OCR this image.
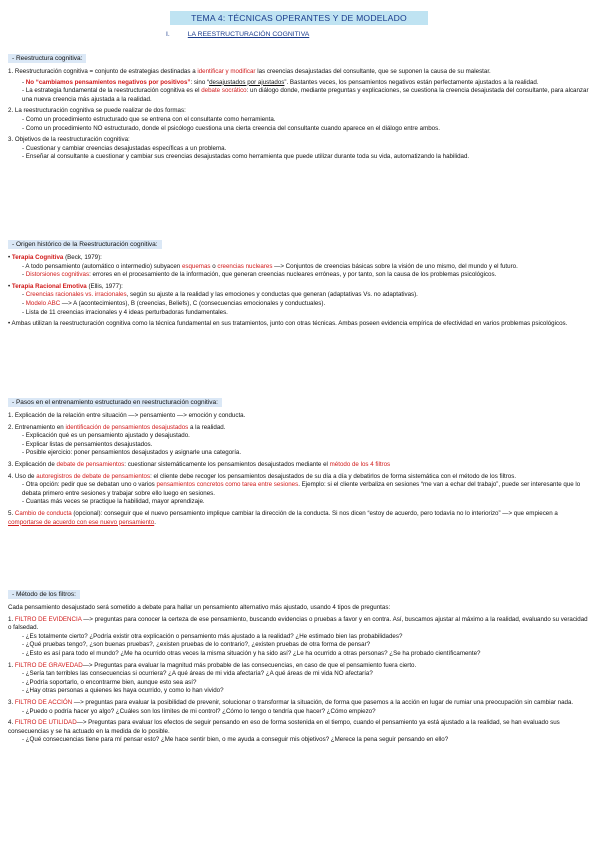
TEMA 4: TÉCNICAS OPERANTES Y DE MODELADO
I.	LA REESTRUCTURACIÓN COGNITIVA
- Reestructura cognitiva:

1. Reestructuración cognitiva = conjunto de estrategias destinadas a identificar y modificar las creencias desajustadas del consultante, que se suponen la causa de su malestar.

- No “cambiamos pensamientos negativos por positivos”: sino “desajustados por ajustados”. Bastantes veces, los pensamientos negativos están perfectamente ajustados a la realidad.

- La estrategia fundamental de la reestructuración cognitiva es el debate socrático: un diálogo donde, mediante preguntas y explicaciones, se cuestiona la creencia desajustada del consultante, para alcanzar una nueva creencia más ajustada a la realidad.

2. La reestructuración cognitiva se puede realizar de dos formas:

- Como un procedimiento estructurado que se entrena con el consultante como herramienta.

- Como un procedimiento NO estructurado, donde el psicólogo cuestiona una cierta creencia del consultante cuando aparece en el diálogo entre ambos.

3. Objetivos de la reestructuración cognitiva:

- Cuestionar y cambiar creencias desajustadas específicas a un problema.

- Enseñar al consultante a cuestionar y cambiar sus creencias desajustadas como herramienta que puede utilizar durante toda su vida, automatizando la habilidad.

- Origen histórico de la Reestructuración cognitiva:

• Terapia Cognitiva (Beck, 1979):

- A todo pensamiento (automático o intermedio) subyacen esquemas o creencias nucleares —> Conjuntos de creencias básicas sobre la visión de uno mismo, del mundo y el futuro.

- Distorsiones cognitivas: errores en el procesamiento de la información, que generan creencias nucleares erróneas, y por tanto, son la causa de los problemas psicológicos.

• Terapia Racional Emotiva (Ellis, 1977):

- Creencias racionales vs. irracionales, según su ajuste a la realidad y las emociones y conductas que generan (adaptativas Vs. no adaptativas).

- Modelo ABC —> A (acontecimientos), B (creencias, Beliefs), C (consecuencias emocionales y conductuales).

- Lista de 11 creencias irracionales y 4 ideas perturbadoras fundamentales.

• Ambas utilizan la reestructuración cognitiva como la técnica fundamental en sus tratamientos, junto con otras técnicas. Ambas poseen evidencia empírica de efectividad en varios problemas psicológicos.

- Pasos en el entrenamiento estructurado en reestructuración cognitiva:

1. Explicación de la relación entre situación —> pensamiento —> emoción y conducta.

2. Entrenamiento en identificación de pensamientos desajustados a la realidad.

- Explicación qué es un pensamiento ajustado y desajustado.

- Explicar listas de pensamientos desajustados.

- Posible ejercicio: poner pensamientos desajustados y asignarle una categoría.

3. Explicación de debate de pensamientos: cuestionar sistemáticamente los pensamientos desajustados mediante el método de los 4 filtros

4. Uso de autoregistros de debate de pensamientos: el cliente debe recoger los pensamientos desajustados de su día a día y debatirlos de forma sistemática con el método de los filtros.

- Otra opción: pedir que se debatan uno o varios pensamientos concretos como tarea entre sesiones. Ejemplo: si el cliente verbaliza en sesiones “me van a echar del trabajo”, puede ser interesante que lo debata primero entre sesiones y trabajar sobre ello luego en sesiones.

- Cuantas más veces se practique la habilidad, mayor aprendizaje.

5. Cambio de conducta (opcional): conseguir que el nuevo pensamiento implique cambiar la dirección de la conducta. Si nos dicen “estoy de acuerdo, pero todavía no lo interiorizo” —> que empiecen a comportarse de acuerdo con ese nuevo pensamiento.

- Método de los filtros:

Cada pensamiento desajustado será sometido a debate para hallar un pensamiento alternativo más ajustado, usando 4 tipos de preguntas:

1. FILTRO DE EVIDENCIA —> preguntas para conocer la certeza de ese pensamiento, buscando evidencias o pruebas a favor y en contra. Así, buscamos ajustar al máximo a la realidad, evaluando su veracidad o falsedad.

- ¿Es totalmente cierto? ¿Podría existir otra explicación o pensamiento más ajustado a la realidad? ¿He estimado bien las probabilidades?

- ¿Qué pruebas tengo?, ¿son buenas pruebas?, ¿existen pruebas de lo contrario?, ¿existen pruebas de otra forma de pensar?

- ¿Esto es así para todo el mundo? ¿Me ha ocurrido otras veces la misma situación y ha sido así? ¿Le ha ocurrido a otras personas? ¿Se ha probado científicamente?

1. FILTRO DE GRAVEDAD—> Preguntas para evaluar la magnitud más probable de las consecuencias, en caso de que el pensamiento fuera cierto.

- ¿Sería tan terribles las consecuencias si ocurriera? ¿A qué áreas de mi vida afectaría? ¿A qué áreas de mi vida NO afectaría?

- ¿Podría soportarlo, o encontrarme bien, aunque esto sea así?

- ¿Hay otras personas a quienes les haya ocurrido, y como lo han vivido?

3. FILTRO DE ACCIÓN —> preguntas para evaluar la posibilidad de prevenir, solucionar o transformar la situación, de forma que pasemos a la acción en lugar de rumiar una preocupación sin cambiar nada.

- ¿Puedo o podría hacer yo algo? ¿Cuáles son los límites de mi control? ¿Cómo lo tengo o tendría que hacer? ¿Cómo empiezo?

4. FILTRO DE UTILIDAD—> Preguntas para evaluar los efectos de seguir pensando en eso de forma sostenida en el tiempo, cuando el pensamiento ya está ajustado a la realidad, se han evaluado sus consecuencias y se ha actuado en la medida de lo posible.

- ¿Qué consecuencias tiene para mí pensar esto? ¿Me hace sentir bien, o me ayuda a conseguir mis objetivos? ¿Merece la pena seguir pensando en ello?
